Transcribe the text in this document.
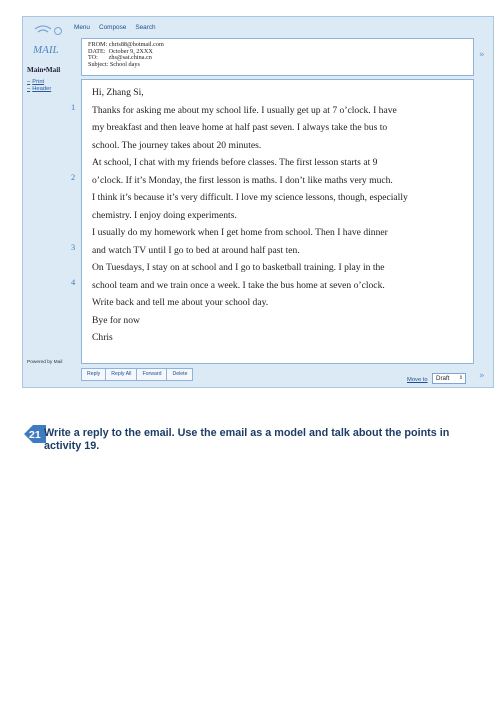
MAIL
Main•Mail
– Print
– Header
Powered by Mail
Menu Compose Search
FROM: chris88@hotmail.com
DATE:  October 9, 2XXX
TO:       zhs@sat.china.cn
Subject: School days
»
1
2
3
4

Hi, Zhang Si,

Thanks for asking me about my school life. I usually get up at 7 o’clock. I have

my breakfast and then leave home at half past seven. I always take the bus to

school. The journey takes about 20 minutes.

At school, I chat with my friends before classes. The first lesson starts at 9

o’clock. If it’s Monday, the first lesson is maths. I don’t like maths very much.

I think it’s because it’s very difficult. I love my science lessons, though, especially

chemistry. I enjoy doing experiments.

I usually do my homework when I get home from school. Then I have dinner

and watch TV until I go to bed at around half past ten.

On Tuesdays, I stay on at school and I go to basketball training. I play in the

school team and we train once a week. I take the bus home at seven o’clock.

Write back and tell me about your school day.

Bye for now

Chris

Reply	Reply All	Forward	Delete
Move to	Draft ⇕ »
21 Write a reply to the email. Use the email as a model and talk about the points in activity 19.
